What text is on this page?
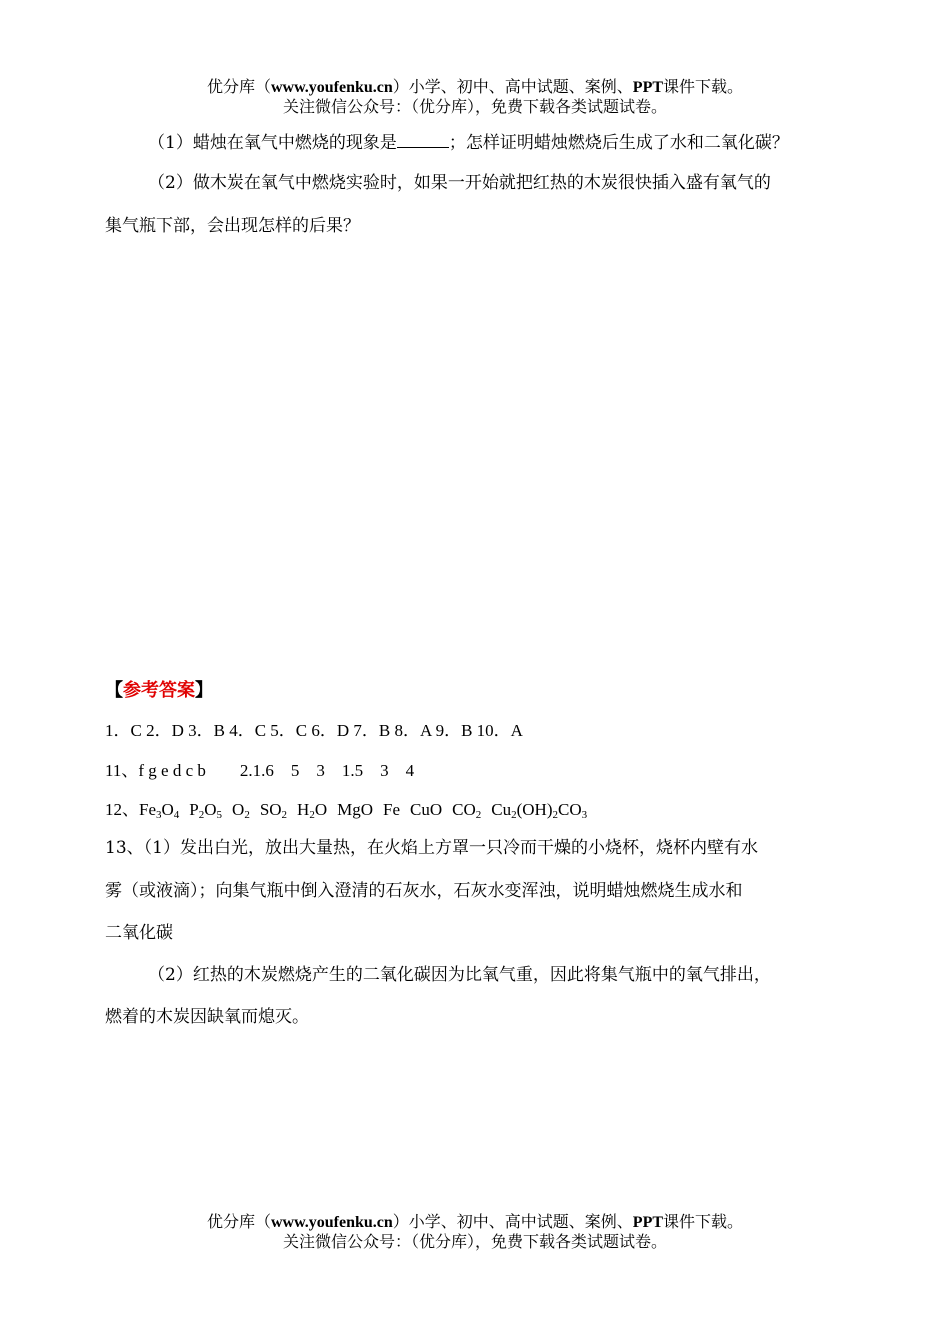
优分库（www.youfenku.cn）小学、初中、高中试题、案例、PPT课件下载。
关注微信公众号：（优分库），免费下载各类试题试卷。
（1）蜡烛在氧气中燃烧的现象是	；怎样证明蜡烛燃烧后生成了水和二氧化碳？
（2）做木炭在氧气中燃烧实验时，如果一开始就把红热的木炭很快插入盛有氧气的
集气瓶下部，会出现怎样的后果？
【参考答案】
1．C 2．D 3．B 4．C 5．C 6．D 7．B 8．A 9．B 10．A
11、f g e d c b　　2.1.6　5　3　1.5　3　4
12、$Fe_3O_4$ $P_2O_5$ $O_2$ $SO_2$ $H_2O$ MgO Fe CuO $CO_2$ $Cu_2(OH)_2CO_3$
13、（1）发出白光，放出大量热，在火焰上方罩一只冷而干燥的小烧杯，烧杯内壁有水
雾（或液滴）；向集气瓶中倒入澄清的石灰水，石灰水变浑浊，说明蜡烛燃烧生成水和
二氧化碳
（2）红热的木炭燃烧产生的二氧化碳因为比氧气重，因此将集气瓶中的氧气排出，
燃着的木炭因缺氧而熄灭。
优分库（www.youfenku.cn）小学、初中、高中试题、案例、PPT课件下载。
关注微信公众号：（优分库），免费下载各类试题试卷。
